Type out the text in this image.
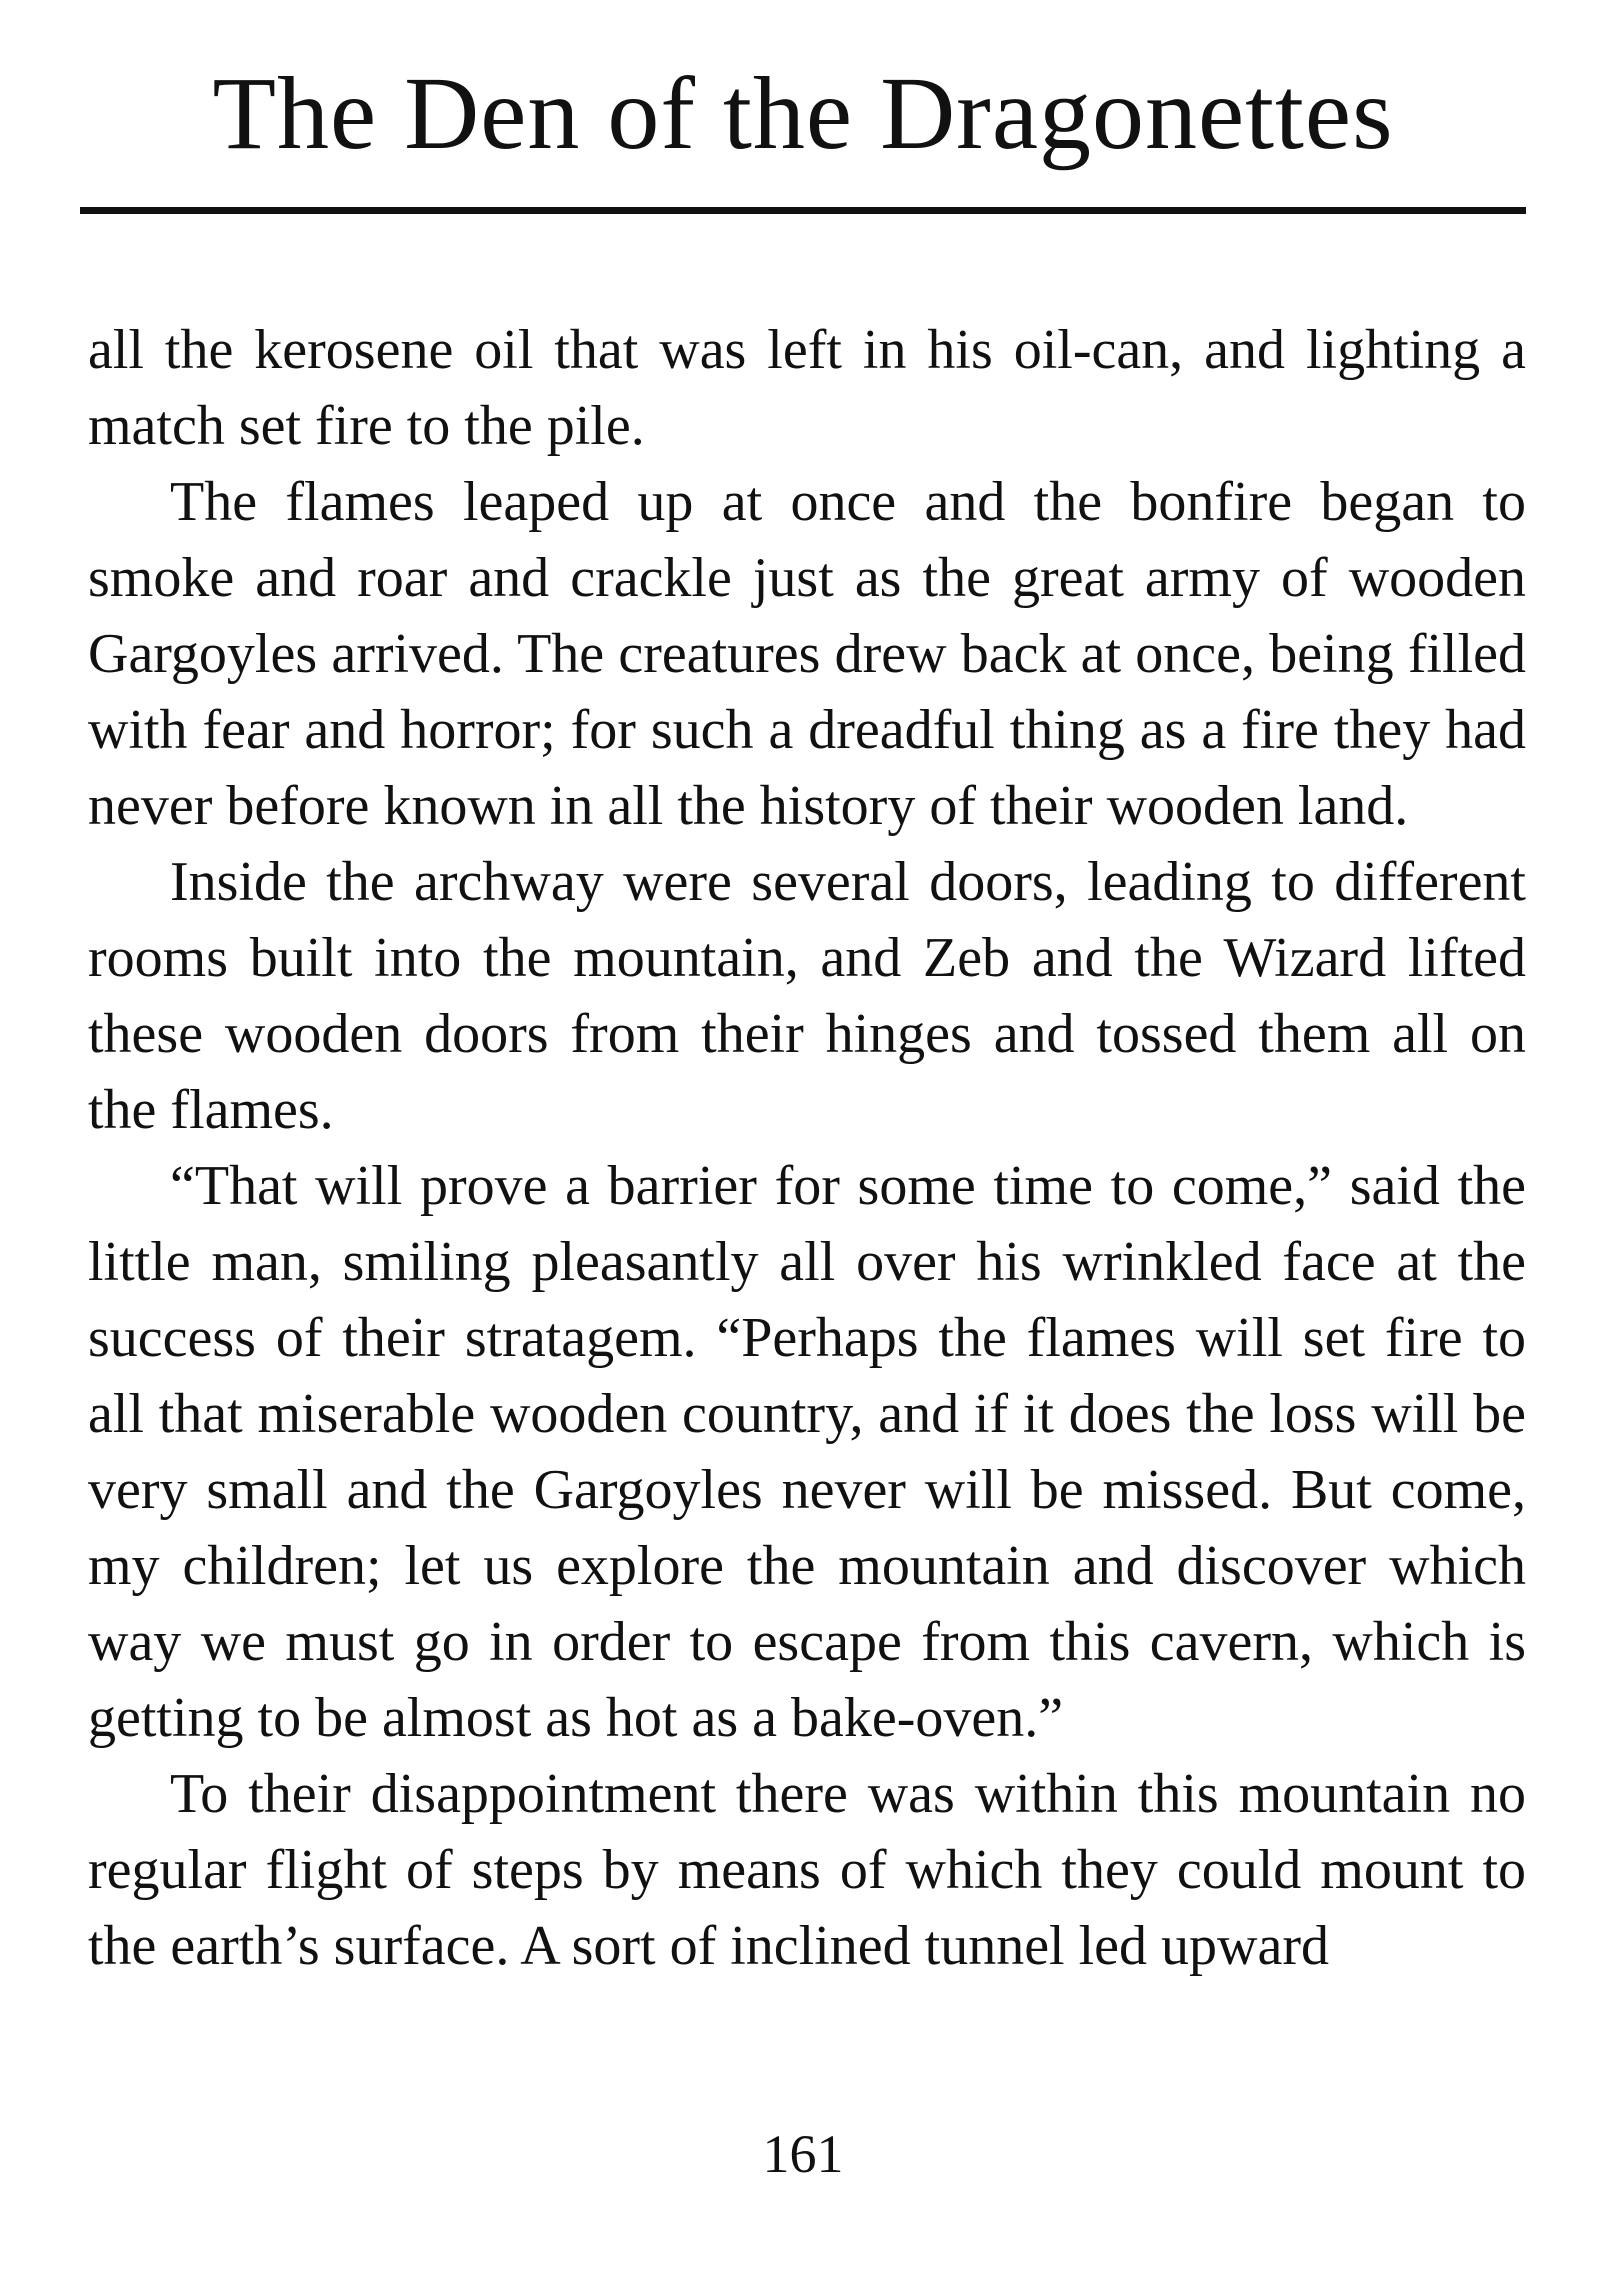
The Den of the Dragonettes

all the kerosene oil that was left in his oil-can, and lighting a match set fire to the pile.

The flames leaped up at once and the bonfire began to smoke and roar and crackle just as the great army of wooden Gargoyles arrived. The creatures drew back at once, being filled with fear and horror; for such a dreadful thing as a fire they had never before known in all the history of their wooden land.

Inside the archway were several doors, leading to different rooms built into the mountain, and Zeb and the Wizard lifted these wooden doors from their hinges and tossed them all on the flames.

“That will prove a barrier for some time to come,” said the little man, smiling pleasantly all over his wrinkled face at the success of their stratagem. “Perhaps the flames will set fire to all that miserable wooden country, and if it does the loss will be very small and the Gargoyles never will be missed. But come, my children; let us explore the mountain and discover which way we must go in order to escape from this cavern, which is getting to be almost as hot as a bake-oven.”

To their disappointment there was within this mountain no regular flight of steps by means of which they could mount to the earth’s surface. A sort of inclined tunnel led upward

161
